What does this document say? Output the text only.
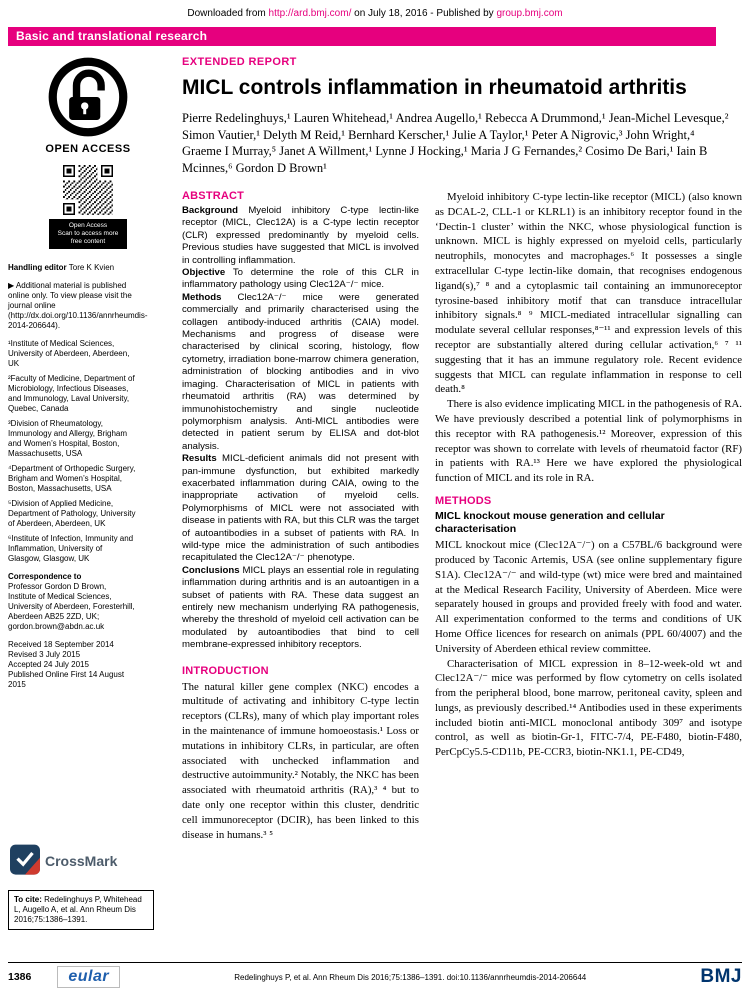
Downloaded from http://ard.bmj.com/ on July 18, 2016 - Published by group.bmj.com
Basic and translational research
OPEN ACCESS
Open Access
Scan to access more
free content

Handling editor Tore K Kvien

▶ Additional material is published online only. To view please visit the journal online (http://dx.doi.org/10.1136/annrheumdis-2014-206644).

¹Institute of Medical Sciences, University of Aberdeen, Aberdeen, UK

²Faculty of Medicine, Department of Microbiology, Infectious Diseases, and Immunology, Laval University, Quebec, Canada

³Division of Rheumatology, Immunology and Allergy, Brigham and Women’s Hospital, Boston, Massachusetts, USA

⁴Department of Orthopedic Surgery, Brigham and Women’s Hospital, Boston, Massachusetts, USA

⁵Division of Applied Medicine, Department of Pathology, University of Aberdeen, Aberdeen, UK

⁶Institute of Infection, Immunity and Inflammation, University of Glasgow, Glasgow, UK

Correspondence to
Professor Gordon D Brown, Institute of Medical Sciences, University of Aberdeen, Foresterhill, Aberdeen AB25 2ZD, UK; gordon.brown@abdn.ac.uk

Received 18 September 2014

Revised 3 July 2015

Accepted 24 July 2015

Published Online First 14 August 2015

CrossMark
To cite: Redelinghuys P, Whitehead L, Augello A, et al. Ann Rheum Dis 2016;75:1386–1391.
EXTENDED REPORT
MICL controls inflammation in rheumatoid arthritis

Pierre Redelinghuys,¹ Lauren Whitehead,¹ Andrea Augello,¹ Rebecca A Drummond,¹ Jean-Michel Levesque,² Simon Vautier,¹ Delyth M Reid,¹ Bernhard Kerscher,¹ Julie A Taylor,¹ Peter A Nigrovic,³ John Wright,⁴ Graeme I Murray,⁵ Janet A Willment,¹ Lynne J Hocking,¹ Maria J G Fernandes,² Cosimo De Bari,¹ Iain B Mcinnes,⁶ Gordon D Brown¹

ABSTRACT

Background Myeloid inhibitory C-type lectin-like receptor (MICL, Clec12A) is a C-type lectin receptor (CLR) expressed predominantly by myeloid cells. Previous studies have suggested that MICL is involved in controlling inflammation.

Objective To determine the role of this CLR in inflammatory pathology using Clec12A⁻/⁻ mice.

Methods Clec12A⁻/⁻ mice were generated commercially and primarily characterised using the collagen antibody-induced arthritis (CAIA) model. Mechanisms and progress of disease were characterised by clinical scoring, histology, flow cytometry, irradiation bone-marrow chimera generation, administration of blocking antibodies and in vivo imaging. Characterisation of MICL in patients with rheumatoid arthritis (RA) was determined by immunohistochemistry and single nucleotide polymorphism analysis. Anti-MICL antibodies were detected in patient serum by ELISA and dot-blot analysis.

Results MICL-deficient animals did not present with pan-immune dysfunction, but exhibited markedly exacerbated inflammation during CAIA, owing to the inappropriate activation of myeloid cells. Polymorphisms of MICL were not associated with disease in patients with RA, but this CLR was the target of autoantibodies in a subset of patients with RA. In wild-type mice the administration of such antibodies recapitulated the Clec12A⁻/⁻ phenotype.

Conclusions MICL plays an essential role in regulating inflammation during arthritis and is an autoantigen in a subset of patients with RA. These data suggest an entirely new mechanism underlying RA pathogenesis, whereby the threshold of myeloid cell activation can be modulated by autoantibodies that bind to cell membrane-expressed inhibitory receptors.

INTRODUCTION

The natural killer gene complex (NKC) encodes a multitude of activating and inhibitory C-type lectin receptors (CLRs), many of which play important roles in the maintenance of immune homoeostasis.¹ Loss or mutations in inhibitory CLRs, in particular, are often associated with unchecked inflammation and destructive autoimmunity.² Notably, the NKC has been associated with rheumatoid arthritis (RA),³ ⁴ but to date only one receptor within this cluster, dendritic cell immunoreceptor (DCIR), has been linked to this disease in humans.³ ⁵

Myeloid inhibitory C-type lectin-like receptor (MICL) (also known as DCAL-2, CLL-1 or KLRL1) is an inhibitory receptor found in the ‘Dectin-1 cluster’ within the NKC, whose physiological function is unknown. MICL is highly expressed on myeloid cells, particularly neutrophils, monocytes and macrophages.⁶ It possesses a single extracellular C-type lectin-like domain, that recognises endogenous ligand(s),⁷ ⁸ and a cytoplasmic tail containing an immunoreceptor tyrosine-based inhibitory motif that can transduce intracellular inhibitory signals.⁸ ⁹ MICL-mediated intracellular signalling can modulate several cellular responses,⁸⁻¹¹ and expression levels of this receptor are substantially altered during cellular activation,⁶ ⁷ ¹¹ suggesting that it has an immune regulatory role. Recent evidence suggests that MICL can regulate inflammation in response to cell death.⁸

There is also evidence implicating MICL in the pathogenesis of RA. We have previously described a potential link of polymorphisms in this receptor with RA pathogenesis.¹² Moreover, expression of this receptor was shown to correlate with levels of rheumatoid factor (RF) in patients with RA.¹³ Here we have explored the physiological function of MICL and its role in RA.

METHODS
MICL knockout mouse generation and cellular characterisation

MICL knockout mice (Clec12A⁻/⁻) on a C57BL/6 background were produced by Taconic Artemis, USA (see online supplementary figure S1A). Clec12A⁻/⁻ and wild-type (wt) mice were bred and maintained at the Medical Research Facility, University of Aberdeen. Mice were separately housed in groups and provided freely with food and water. All experimentation conformed to the terms and conditions of UK Home Office licences for research on animals (PPL 60/4007) and the University of Aberdeen ethical review committee.

Characterisation of MICL expression in 8–12-week-old wt and Clec12A⁻/⁻ mice was performed by flow cytometry on cells isolated from the peripheral blood, bone marrow, peritoneal cavity, spleen and lungs, as previously described.¹⁴ Antibodies used in these experiments included biotin anti-MICL monoclonal antibody 309⁷ and isotype control, as well as biotin-Gr-1, FITC-7/4, PE-F480, biotin-F480, PerCpCy5.5-CD11b, PE-CCR3, biotin-NK1.1, PE-CD49,

1386	eular	Redelinghuys P, et al. Ann Rheum Dis 2016;75:1386–1391. doi:10.1136/annrheumdis-2014-206644	BMJ
